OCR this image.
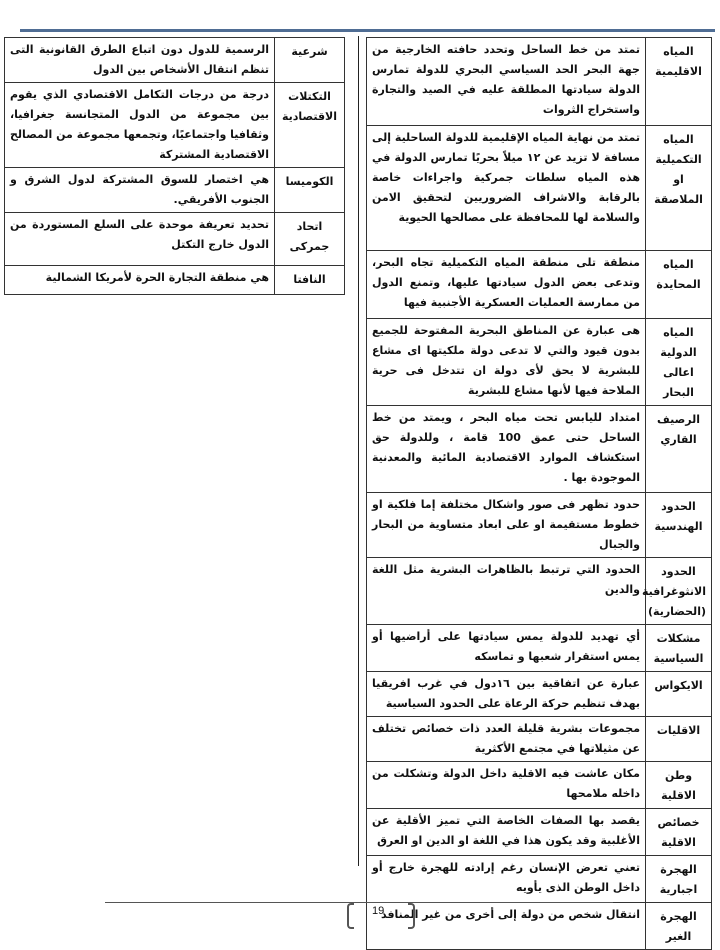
المياه الاقليمية	تمتد من خط الساحل وتحدد حافته الخارجية من جهة البحر الحد السياسي البحري للدولة تمارس الدولة سيادتها المطلقة عليه في الصيد والتجارة واستخراج الثروات
المياه التكميلية او الملاصقة	تمتد من نهاية المياه الإقليمية للدولة الساحلية إلى مسافة لا تزيد عن ١٢ ميلاً بحريًا تمارس الدولة في هذه المياه سلطات جمركية واجراءات خاصة بالرقابة والاشراف الضروريين لتحقيق الامن والسلامة لها للمحافظة على مصالحها الحيوية
المياه المحايدة	منطقة تلى منطقة المياه التكميلية تجاه البحر، وتدعى بعض الدول سيادتها عليها، وتمنع الدول من ممارسة العمليات العسكرية الأجنبية فيها
المياه الدولية اعالى البحار	هى عبارة عن المناطق البحرية المفتوحة للجميع بدون قيود والتي لا تدعى دولة ملكيتها اى مشاع للبشرية لا يحق لأى دولة ان تتدخل فى حرية الملاحة فيها لأنها مشاع للبشرية
الرصيف القاري	امتداد لليابس تحت مياه البحر ، ويمتد من خط الساحل حتى عمق 100 قامة ، وللدولة حق استكشاف الموارد الاقتصادية المائية والمعدنية الموجودة بها .
الحدود الهندسية	حدود تظهر فى صور واشكال مختلفة إما فلكية او خطوط مستقيمة او على ابعاد متساوية من البحار والجبال
الحدود الانثوغرافية (الحضارية)	الحدود التي ترتبط بالظاهرات البشرية مثل اللغة والدين
مشكلات السياسية	أي تهديد للدولة يمس سيادتها على أراضيها أو يمس استقرار شعبها و تماسكه
الايكواس	عبارة عن اتفاقية بين ١٦دول في غرب افريقيا بهدف تنظيم حركة الرعاة على الحدود السياسية
الاقليات	مجموعات بشرية قليلة العدد ذات خصائص تختلف عن مثيلاتها في مجتمع الأكثرية
وطن الاقلية	مكان عاشت فيه الاقلية داخل الدولة وتشكلت من داخله ملامحها
خصائص الاقلية	يقصد بها الصفات الخاصة التي تميز الأقلية عن الأغلبية وقد يكون هذا في اللغة او الدين او العرق
الهجرة اجبارية	تعني تعرض الإنسان رغم إرادته للهجرة خارج أو داخل الوطن الذى يأويه
الهجرة الغير	انتقال شخص من دولة إلى أخرى من غير المنافذ
شرعية	الرسمية للدول دون اتباع الطرق القانونية التى تنظم انتقال الأشخاص بين الدول
التكتلات الاقتصادية	درجة من درجات التكامل الاقتصادي الذي يقوم بين مجموعة من الدول المتجانسة جغرافيا، وثقافيا واجتماعيًا، وتجمعها مجموعة من المصالح الاقتصادية المشتركة
الكوميسا	هي اختصار للسوق المشتركة لدول الشرق و الجنوب الأفريقي.
اتحاد جمركى	تحديد تعريفة موحدة على السلع المستوردة من الدول خارج التكتل
النافتا	هي منطقة التجارة الحرة لأمريكا الشمالية
19
